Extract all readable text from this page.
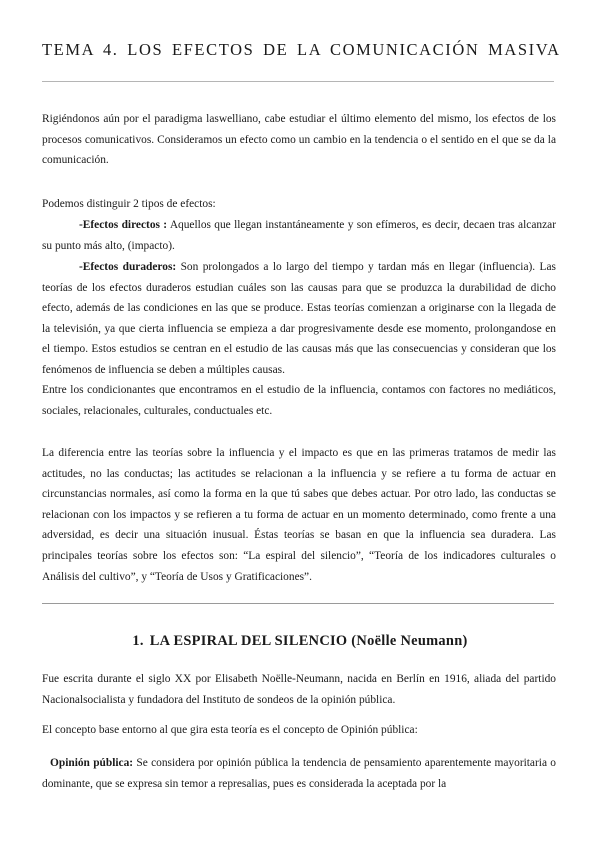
TEMA 4. LOS EFECTOS DE LA COMUNICACIÓN MASIVA

Rigiéndonos aún por el paradigma laswelliano, cabe estudiar el último elemento del mismo, los efectos de los procesos comunicativos. Consideramos un efecto como un cambio en la tendencia o el sentido en el que se da la comunicación.

Podemos distinguir 2 tipos de efectos:

-Efectos directos : Aquellos que llegan instantáneamente y son efímeros, es decir, decaen tras alcanzar su punto más alto, (impacto).

-Efectos duraderos: Son prolongados a lo largo del tiempo y tardan más en llegar (influencia). Las teorías de los efectos duraderos estudian cuáles son las causas para que se produzca la durabilidad de dicho efecto, además de las condiciones en las que se produce. Estas teorías comienzan a originarse con la llegada de la televisión, ya que cierta influencia se empieza a dar progresivamente desde ese momento, prolongandose en el tiempo. Estos estudios se centran en el estudio de las causas más que las consecuencias y consideran que los fenómenos de influencia se deben a múltiples causas.

Entre los condicionantes que encontramos en el estudio de la influencia, contamos con factores no mediáticos, sociales, relacionales, culturales, conductuales etc.

La diferencia entre las teorías sobre la influencia y el impacto es que en las primeras tratamos de medir las actitudes, no las conductas; las actitudes se relacionan a la influencia y se refiere a tu forma de actuar en circunstancias normales, así como la forma en la que tú sabes que debes actuar. Por otro lado, las conductas se relacionan con los impactos y se refieren a tu forma de actuar en un momento determinado, como frente a una adversidad, es decir una situación inusual. Éstas teorías se basan en que la influencia sea duradera. Las principales teorías sobre los efectos son: “La espiral del silencio”, “Teoría de los indicadores culturales o Análisis del cultivo”, y “Teoría de Usos y Gratificaciones”.

1. LA ESPIRAL DEL SILENCIO (Noëlle Neumann)

Fue escrita durante el siglo XX por Elisabeth Noëlle-Neumann, nacida en Berlín en 1916, aliada del partido Nacionalsocialista y fundadora del Instituto de sondeos de la opinión pública.

El concepto base entorno al que gira esta teoría es el concepto de Opinión pública:

Opinión pública: Se considera por opinión pública la tendencia de pensamiento aparentemente mayoritaria o dominante, que se expresa sin temor a represalias, pues es considerada la aceptada por la
